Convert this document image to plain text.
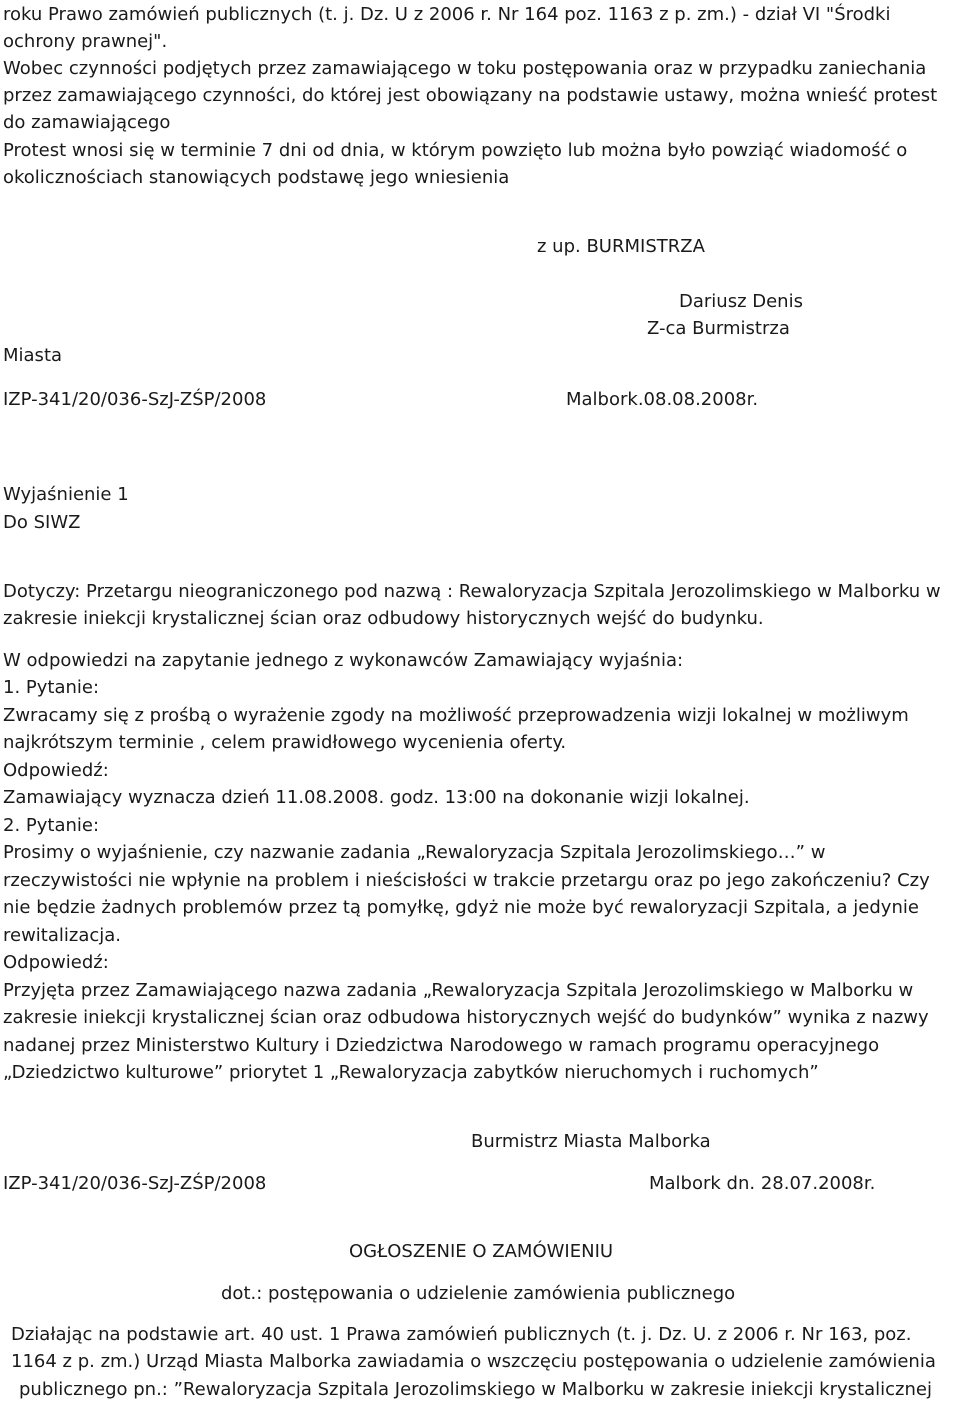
roku Prawo zamówień publicznych (t. j. Dz. U z 2006 r. Nr 164 poz. 1163 z p. zm.) - dział VI "Środki

ochrony prawnej".

Wobec czynności podjętych przez zamawiającego w toku postępowania oraz w przypadku zaniechania

przez zamawiającego czynności, do której jest obowiązany na podstawie ustawy, można wnieść protest

do zamawiającego

Protest wnosi się w terminie 7 dni od dnia, w którym powzięto lub można było powziąć wiadomość o

okolicznościach stanowiących podstawę jego wniesienia

z up. BURMISTRZA

Dariusz Denis

Z-ca Burmistrza

Miasta

IZP-341/20/036-SzJ-ZŚP/2008	Malbork.08.08.2008r.

Wyjaśnienie 1

Do SIWZ

Dotyczy: Przetargu nieograniczonego pod nazwą : Rewaloryzacja Szpitala Jerozolimskiego w Malborku w

zakresie iniekcji krystalicznej ścian oraz odbudowy historycznych wejść do budynku.

W odpowiedzi na zapytanie jednego z wykonawców Zamawiający wyjaśnia:

1. Pytanie:

Zwracamy się z prośbą o wyrażenie zgody na możliwość przeprowadzenia wizji lokalnej w możliwym

najkrótszym terminie , celem prawidłowego wycenienia oferty.

Odpowiedź:

Zamawiający wyznacza dzień 11.08.2008. godz. 13:00 na dokonanie wizji lokalnej.

2. Pytanie:

Prosimy o wyjaśnienie, czy nazwanie zadania „Rewaloryzacja Szpitala Jerozolimskiego…” w

rzeczywistości nie wpłynie na problem i nieścisłości w trakcie przetargu oraz po jego zakończeniu? Czy

nie będzie żadnych problemów przez tą pomyłkę, gdyż nie może być rewaloryzacji Szpitala, a jedynie

rewitalizacja.

Odpowiedź:

Przyjęta przez Zamawiającego nazwa zadania „Rewaloryzacja Szpitala Jerozolimskiego w Malborku w

zakresie iniekcji krystalicznej ścian oraz odbudowa historycznych wejść do budynków” wynika z nazwy

nadanej przez Ministerstwo Kultury i Dziedzictwa Narodowego w ramach programu operacyjnego

„Dziedzictwo kulturowe” priorytet 1 „Rewaloryzacja zabytków nieruchomych i ruchomych”

Burmistrz Miasta Malborka

IZP-341/20/036-SzJ-ZŚP/2008	Malbork dn. 28.07.2008r.

OGŁOSZENIE O ZAMÓWIENIU

dot.: postępowania o udzielenie zamówienia publicznego

Działając na podstawie art. 40 ust. 1 Prawa zamówień publicznych (t. j. Dz. U. z 2006 r. Nr 163, poz.

1164 z p. zm.) Urząd Miasta Malborka zawiadamia o wszczęciu postępowania o udzielenie zamówienia

publicznego pn.: ”Rewaloryzacja Szpitala Jerozolimskiego w Malborku w zakresie iniekcji krystalicznej
